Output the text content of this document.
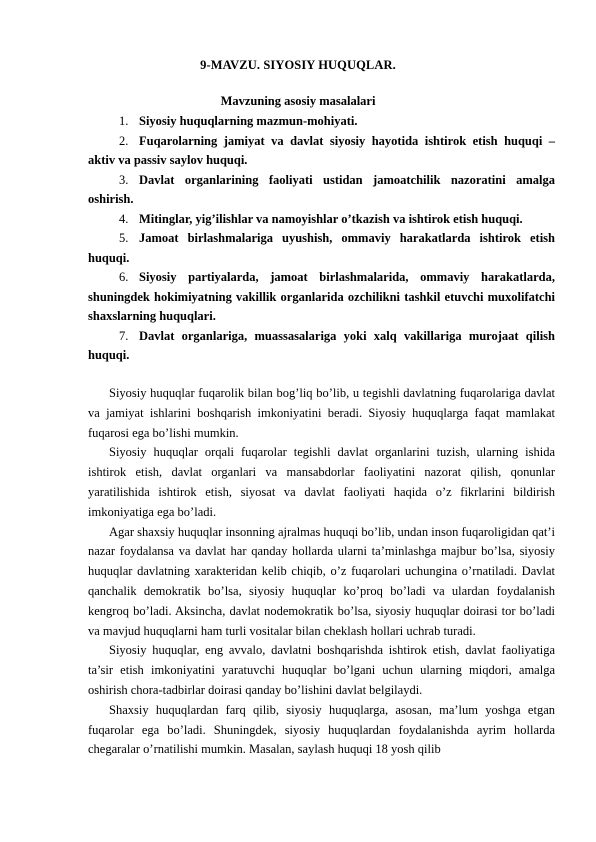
9-MAVZU. SIYOSIY HUQUQLAR.
Mavzuning asosiy masalalari
1. Siyosiy huquqlarning mazmun-mohiyati.
2. Fuqarolarning jamiyat va davlat siyosiy hayotida ishtirok etish huquqi – aktiv va passiv saylov huquqi.
3. Davlat organlarining faoliyati ustidan jamoatchilik nazoratini amalga oshirish.
4. Mitinglar, yig’ilishlar va namoyishlar o’tkazish va ishtirok etish huquqi.
5. Jamoat birlashmalariga uyushish, ommaviy harakatlarda ishtirok etish huquqi.
6. Siyosiy partiyalarda, jamoat birlashmalarida, ommaviy harakatlarda, shuningdek hokimiyatning vakillik organlarida ozchilikni tashkil etuvchi muxolifatchi shaxslarning huquqlari.
7. Davlat organlariga, muassasalariga yoki xalq vakillariga murojaat qilish huquqi.

Siyosiy huquqlar fuqarolik bilan bog’liq bo’lib, u tegishli davlatning fuqarolariga davlat va jamiyat ishlarini boshqarish imkoniyatini beradi. Siyosiy huquqlarga faqat mamlakat fuqarosi ega bo’lishi mumkin.

Siyosiy huquqlar orqali fuqarolar tegishli davlat organlarini tuzish, ularning ishida ishtirok etish, davlat organlari va mansabdorlar faoliyatini nazorat qilish, qonunlar yaratilishida ishtirok etish, siyosat va davlat faoliyati haqida o’z fikrlarini bildirish imkoniyatiga ega bo’ladi.

Agar shaxsiy huquqlar insonning ajralmas huquqi bo’lib, undan inson fuqaroligidan qat’i nazar foydalansa va davlat har qanday hollarda ularni ta’minlashga majbur bo’lsa, siyosiy huquqlar davlatning xarakteridan kelib chiqib, o’z fuqarolari uchungina o’rnatiladi. Davlat qanchalik demokratik bo’lsa, siyosiy huquqlar ko’proq bo’ladi va ulardan foydalanish kengroq bo’ladi. Aksincha, davlat nodemokratik bo’lsa, siyosiy huquqlar doirasi tor bo’ladi va mavjud huquqlarni ham turli vositalar bilan cheklash hollari uchrab turadi.

Siyosiy huquqlar, eng avvalo, davlatni boshqarishda ishtirok etish, davlat faoliyatiga ta’sir etish imkoniyatini yaratuvchi huquqlar bo’lgani uchun ularning miqdori, amalga oshirish chora-tadbirlar doirasi qanday bo’lishini davlat belgilaydi.

Shaxsiy huquqlardan farq qilib, siyosiy huquqlarga, asosan, ma’lum yoshga etgan fuqarolar ega bo’ladi. Shuningdek, siyosiy huquqlardan foydalanishda ayrim hollarda chegaralar o’rnatilishi mumkin. Masalan, saylash huquqi 18 yosh qilib
